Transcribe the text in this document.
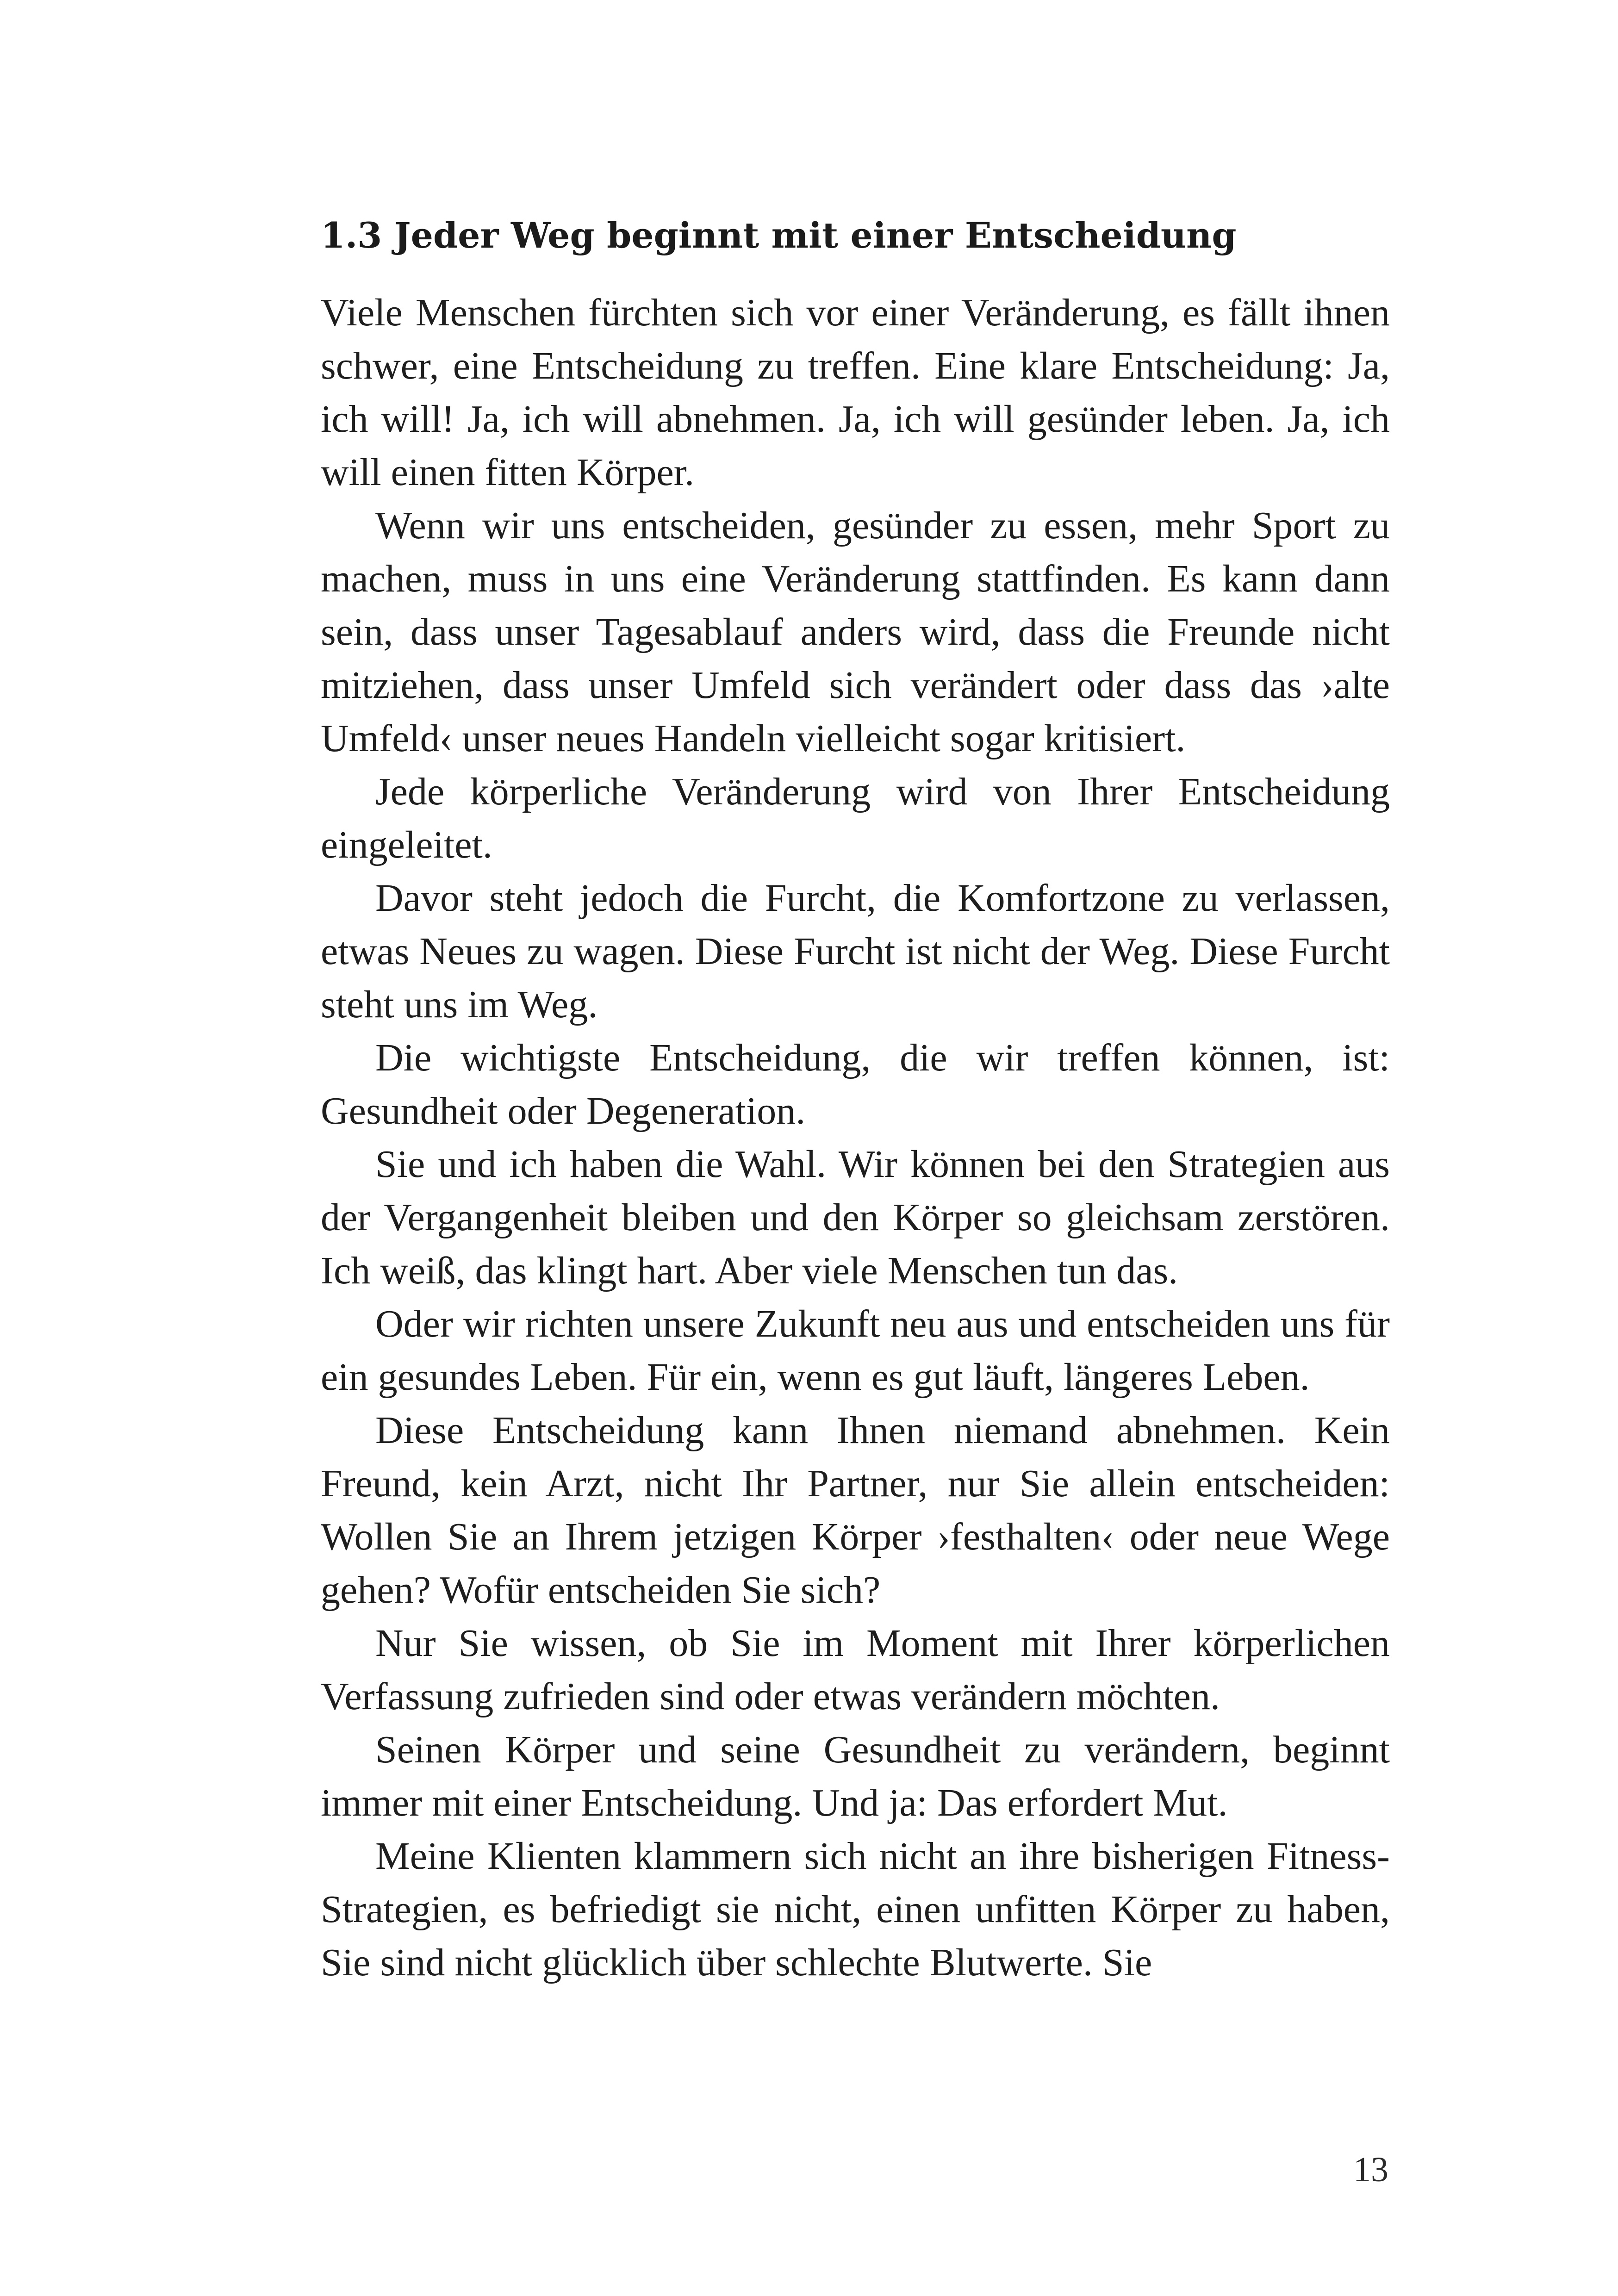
1.3 Jeder Weg beginnt mit einer Entscheidung

Viele Menschen fürchten sich vor einer Veränderung, es fällt ihnen schwer, eine Entscheidung zu treffen. Eine klare Entscheidung: Ja, ich will! Ja, ich will abnehmen. Ja, ich will gesünder leben. Ja, ich will einen fitten Körper.

Wenn wir uns entscheiden, gesünder zu essen, mehr Sport zu machen, muss in uns eine Veränderung stattfinden. Es kann dann sein, dass unser Tagesablauf anders wird, dass die Freunde nicht mitziehen, dass unser Umfeld sich verändert oder dass das ›alte Umfeld‹ unser neues Handeln vielleicht sogar kritisiert.

Jede körperliche Veränderung wird von Ihrer Entscheidung eingeleitet.

Davor steht jedoch die Furcht, die Komfortzone zu verlassen, etwas Neues zu wagen. Diese Furcht ist nicht der Weg. Diese Furcht steht uns im Weg.

Die wichtigste Entscheidung, die wir treffen können, ist: Gesundheit oder Degeneration.

Sie und ich haben die Wahl. Wir können bei den Strategien aus der Vergangenheit bleiben und den Körper so gleichsam zerstören. Ich weiß, das klingt hart. Aber viele Menschen tun das.

Oder wir richten unsere Zukunft neu aus und entscheiden uns für ein gesundes Leben. Für ein, wenn es gut läuft, längeres Leben.

Diese Entscheidung kann Ihnen niemand abnehmen. Kein Freund, kein Arzt, nicht Ihr Partner, nur Sie allein entscheiden: Wollen Sie an Ihrem jetzigen Körper ›festhalten‹ oder neue Wege gehen? Wofür entscheiden Sie sich?

Nur Sie wissen, ob Sie im Moment mit Ihrer körperlichen Verfassung zufrieden sind oder etwas verändern möchten.

Seinen Körper und seine Gesundheit zu verändern, beginnt immer mit einer Entscheidung. Und ja: Das erfordert Mut.

Meine Klienten klammern sich nicht an ihre bisherigen Fitness-Strategien, es befriedigt sie nicht, einen unfitten Körper zu haben, Sie sind nicht glücklich über schlechte Blutwerte. Sie

13
